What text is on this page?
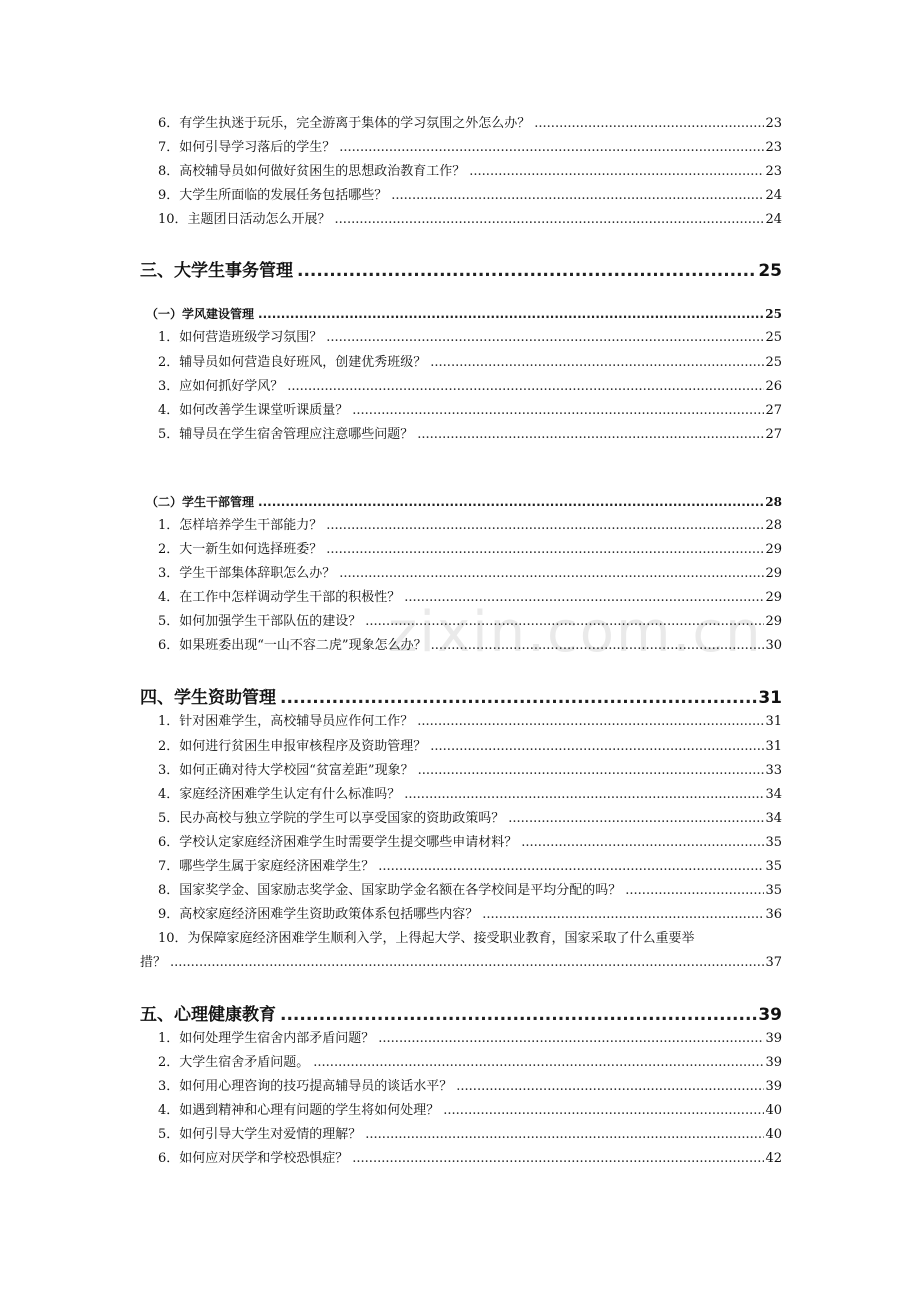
zixin.com.cn
6．有学生执迷于玩乐，完全游离于集体的学习氛围之外怎么办？ .....	23
7．如何引导学习落后的学生？ .....	23
8．高校辅导员如何做好贫困生的思想政治教育工作？ .....	23
9．大学生所面临的发展任务包括哪些？ .....	24
10．主题团日活动怎么开展？ .....	24
三、大学生事务管理 .....	25
（一）学风建设管理 .....	25
1．如何营造班级学习氛围？ .....	25
2．辅导员如何营造良好班风，创建优秀班级？ .....	25
3．应如何抓好学风？ .....	26
4．如何改善学生课堂听课质量？ .....	27
5．辅导员在学生宿舍管理应注意哪些问题？ .....	27
（二）学生干部管理 .....	28
1．怎样培养学生干部能力？ .....	28
2．大一新生如何选择班委？ .....	29
3．学生干部集体辞职怎么办？ .....	29
4．在工作中怎样调动学生干部的积极性？ .....	29
5．如何加强学生干部队伍的建设？ .....	29
6．如果班委出现“一山不容二虎”现象怎么办？ .....	30
四、学生资助管理 .....	31
1．针对困难学生，高校辅导员应作何工作？ .....	31
2．如何进行贫困生申报审核程序及资助管理？ .....	31
3．如何正确对待大学校园“贫富差距”现象？ .....	33
4．家庭经济困难学生认定有什么标准吗？ .....	34
5．民办高校与独立学院的学生可以享受国家的资助政策吗？ .....	34
6．学校认定家庭经济困难学生时需要学生提交哪些申请材料？ .....	35
7．哪些学生属于家庭经济困难学生？ .....	35
8．国家奖学金、国家励志奖学金、国家助学金名额在各学校间是平均分配的吗？ .....	35
9．高校家庭经济困难学生资助政策体系包括哪些内容？ .....	36
10．为保障家庭经济困难学生顺利入学，上得起大学、接受职业教育，国家采取了什么重要举
措？ .....	37
五、心理健康教育 .....	39
1．如何处理学生宿舍内部矛盾问题？ .....	39
2．大学生宿舍矛盾问题。 .....	39
3．如何用心理咨询的技巧提高辅导员的谈话水平？ .....	39
4．如遇到精神和心理有问题的学生将如何处理？ .....	40
5．如何引导大学生对爱情的理解？ .....	40
6．如何应对厌学和学校恐惧症？ .....	42
